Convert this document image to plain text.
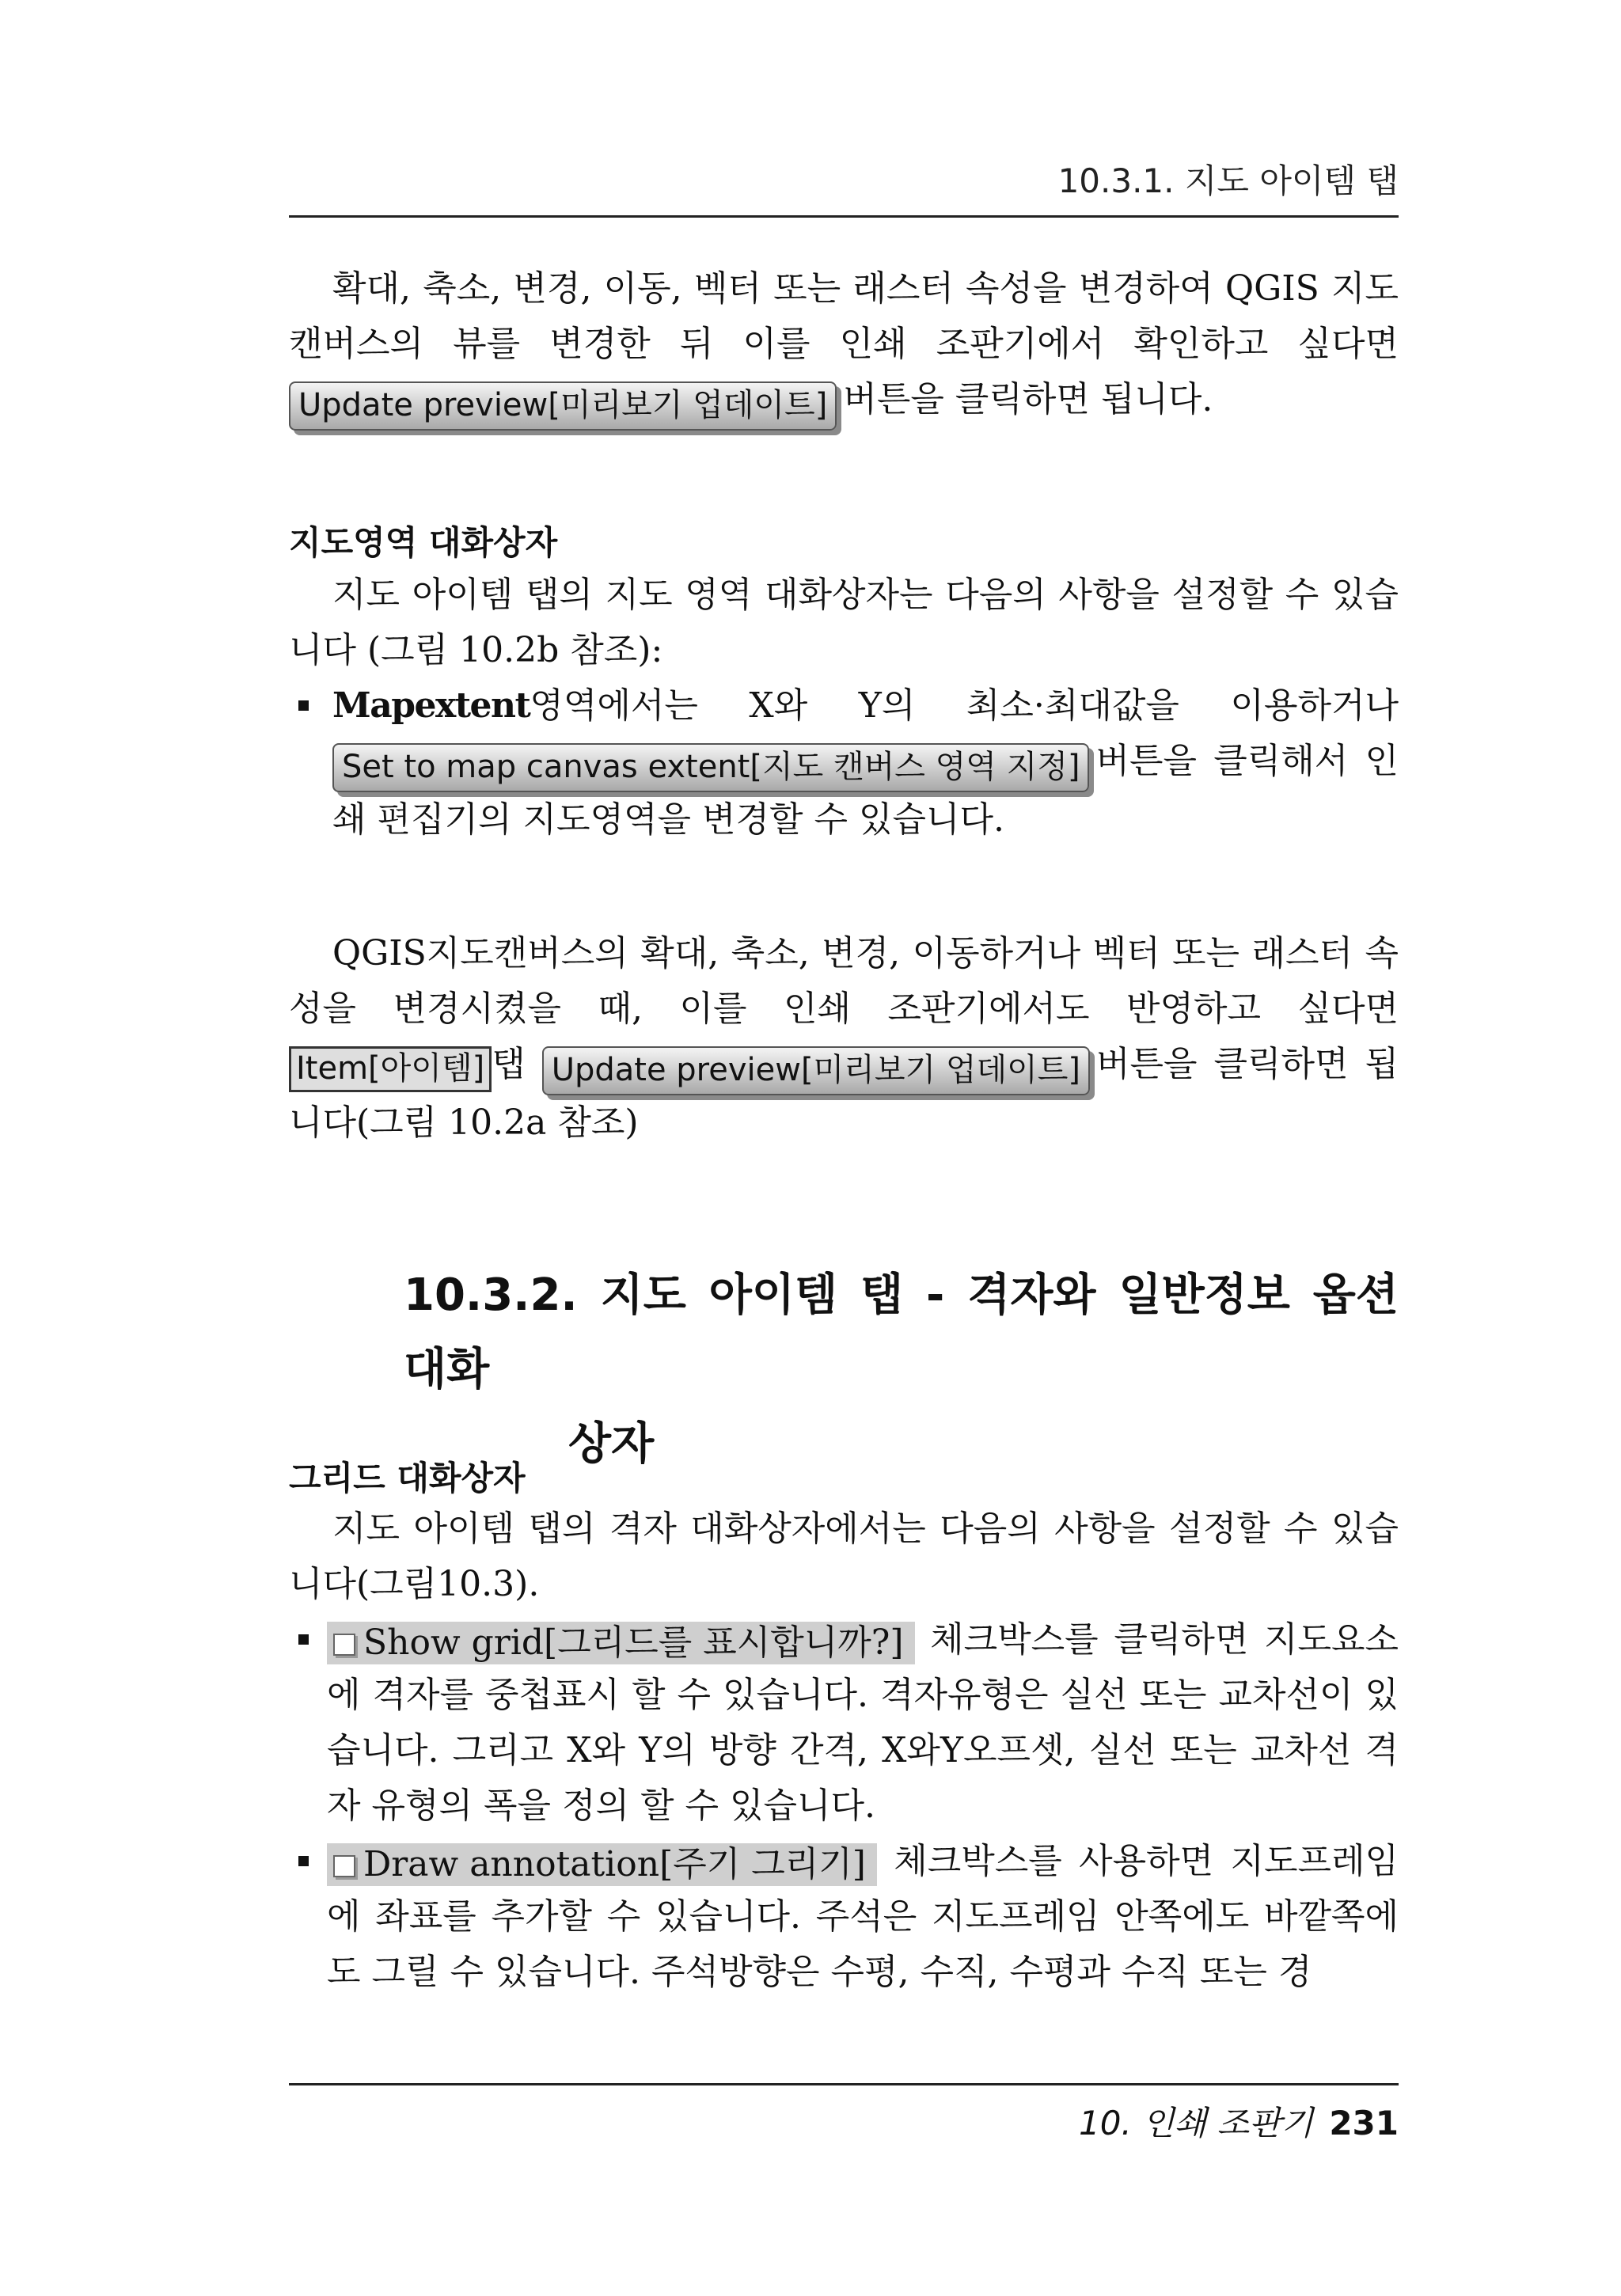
10.3.1. 지도 아이템 탭

확대, 축소, 변경, 이동, 벡터 또는 래스터 속성을 변경하여 QGIS 지도 캔버스의 뷰를 변경한 뒤 이를 인쇄 조판기에서 확인하고 싶다면 Update preview[미리보기 업데이트] 버튼을 클릭하면 됩니다.

지도영역 대화상자

지도 아이템 탭의 지도 영역 대화상자는 다음의 사항을 설정할 수 있습니다 (그림 10.2b 참조):

Mapextent영역에서는 X와 Y의 최소·최대값을 이용하거나 Set to map canvas extent[지도 캔버스 영역 지정] 버튼을 클릭해서 인쇄 편집기의 지도영역을 변경할 수 있습니다.

QGIS지도캔버스의 확대, 축소, 변경, 이동하거나 벡터 또는 래스터 속성을 변경시켰을 때, 이를 인쇄 조판기에서도 반영하고 싶다면 Item[아이템] 탭 Update preview[미리보기 업데이트] 버튼을 클릭하면 됩니다(그림 10.2a 참조)

10.3.2. 지도 아이템 탭 - 격자와 일반정보 옵션 대화
상자
그리드 대화상자

지도 아이템 탭의 격자 대화상자에서는 다음의 사항을 설정할 수 있습니다(그림10.3).

Show grid[그리드를 표시합니까?] 체크박스를 클릭하면 지도요소에 격자를 중첩표시 할 수 있습니다. 격자유형은 실선 또는 교차선이 있습니다. 그리고 X와 Y의 방향 간격, X와Y오프셋, 실선 또는 교차선 격자 유형의 폭을 정의 할 수 있습니다.
Draw annotation[주기 그리기] 체크박스를 사용하면 지도프레임에 좌표를 추가할 수 있습니다. 주석은 지도프레임 안쪽에도 바깥쪽에도 그릴 수 있습니다. 주석방향은 수평, 수직, 수평과 수직 또는 경
10. 인쇄 조판기 231
